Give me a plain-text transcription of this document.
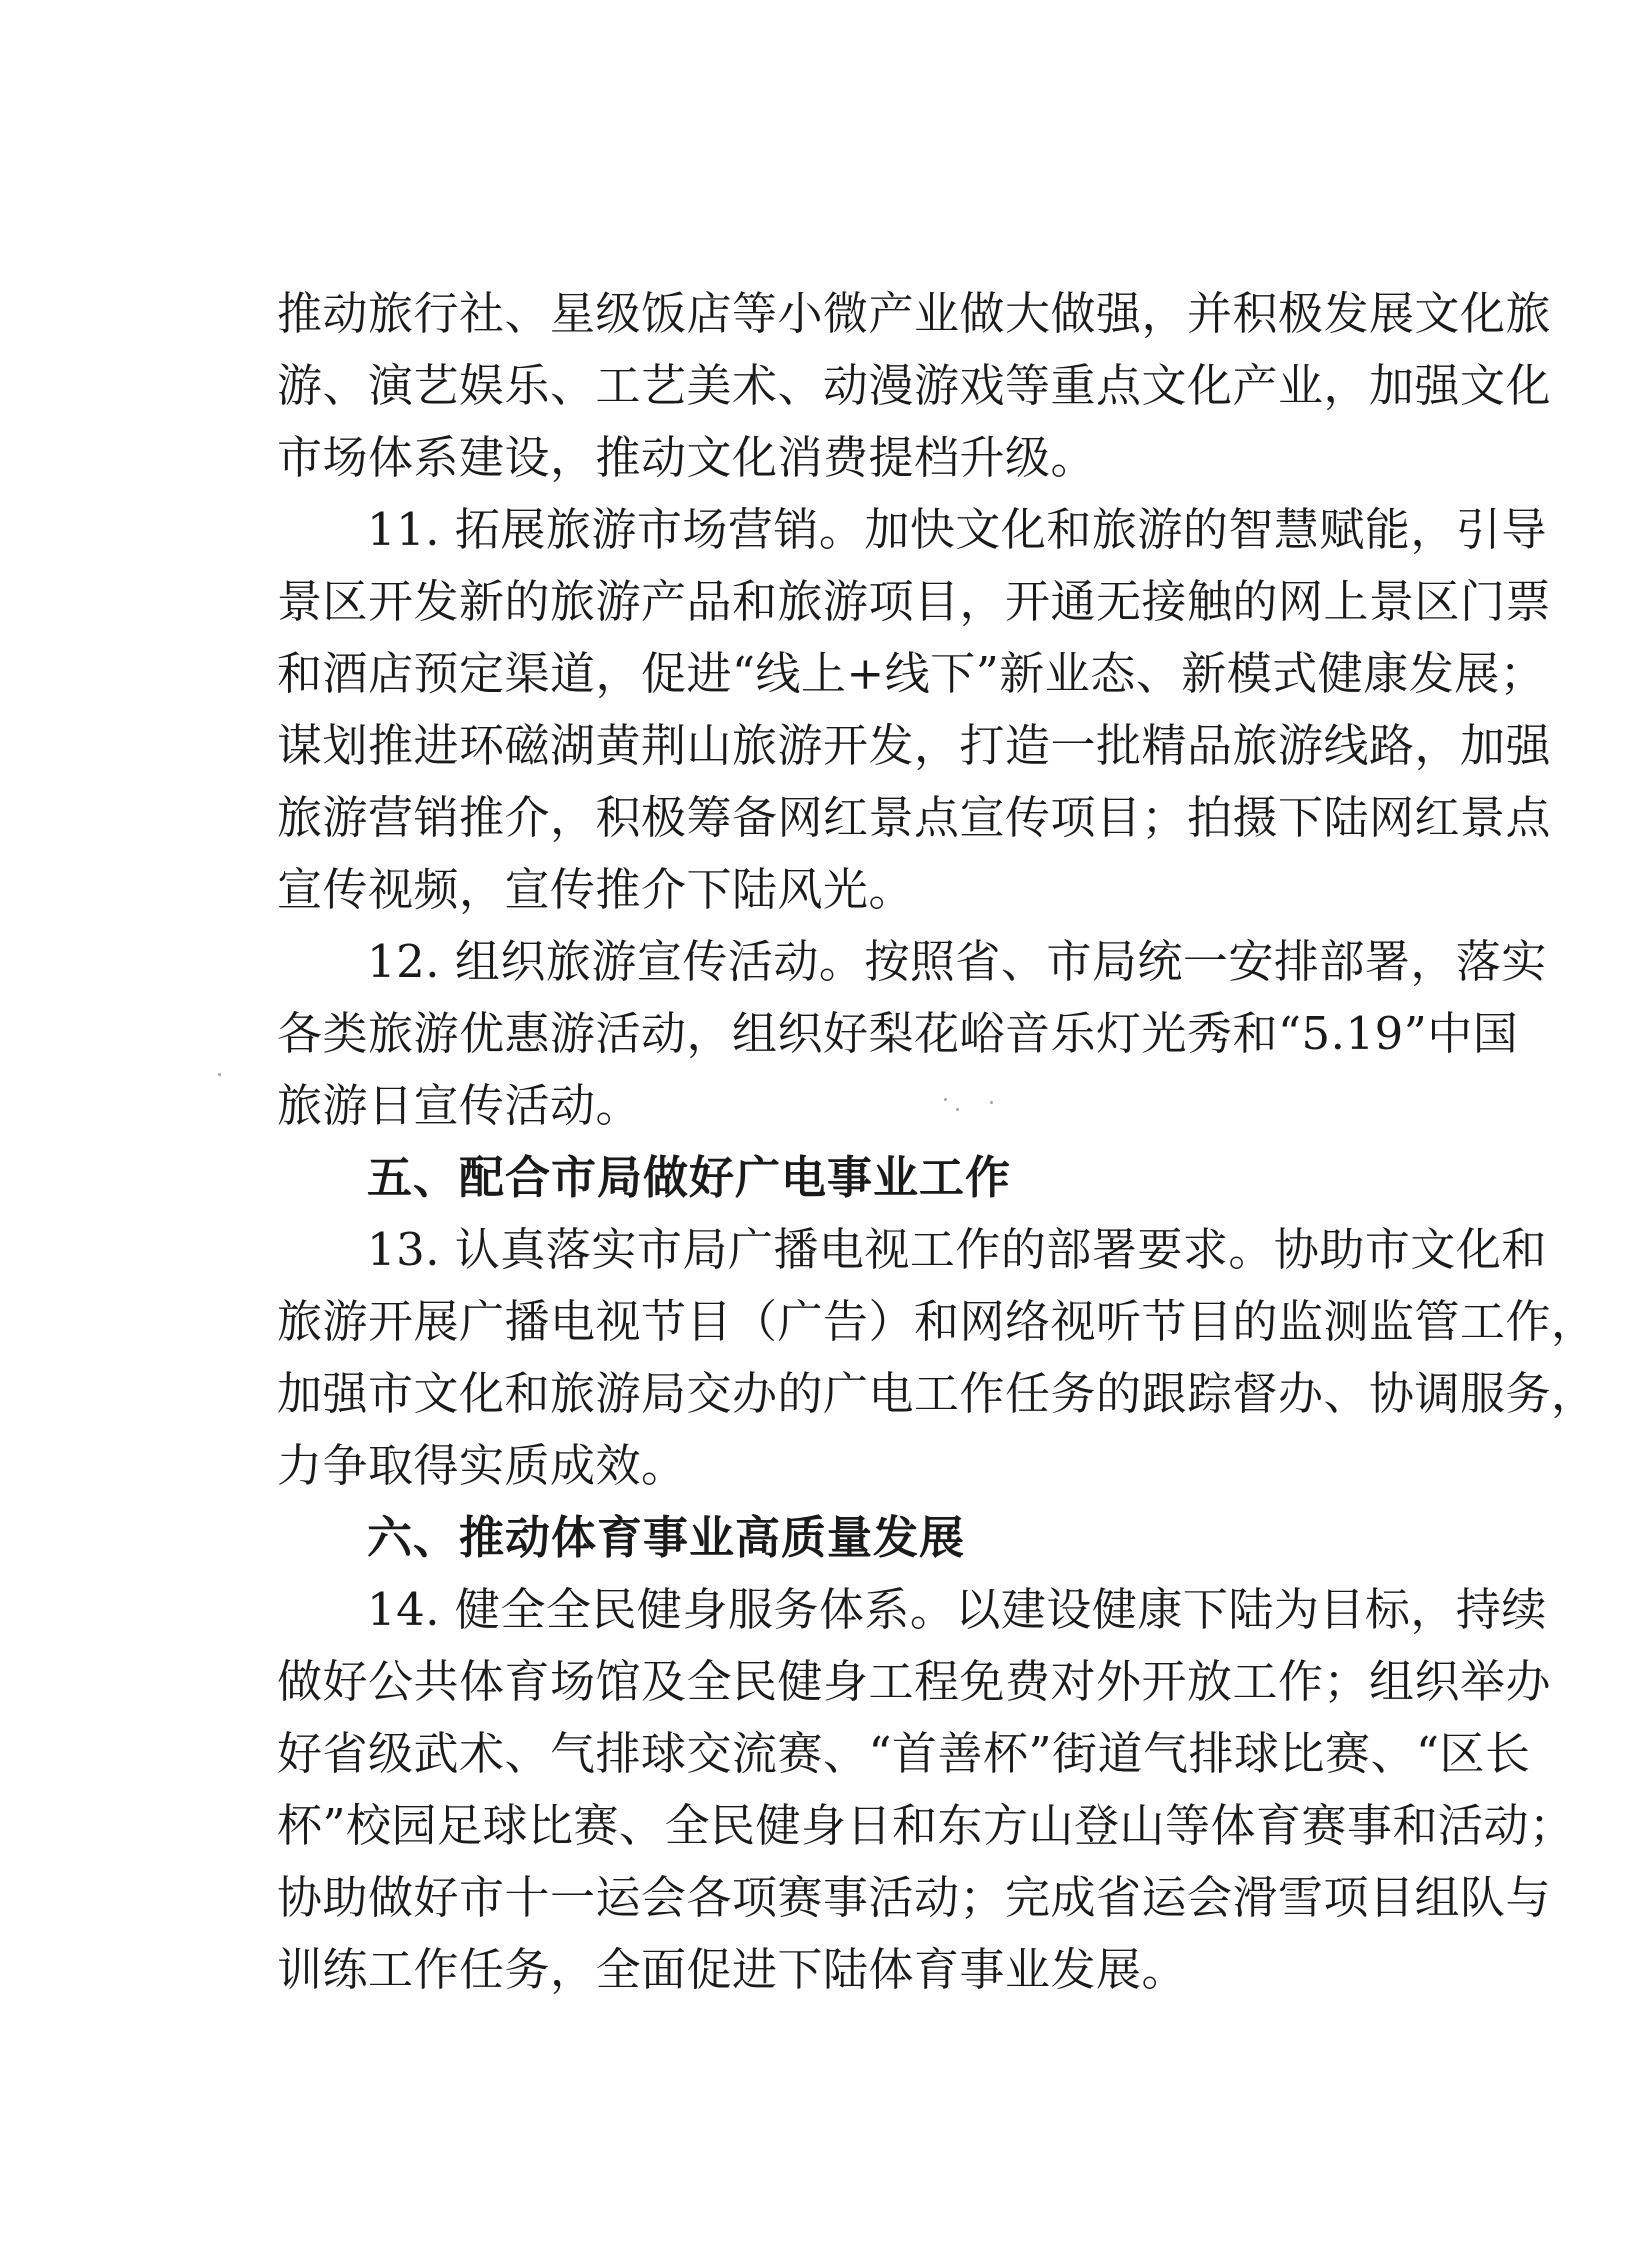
推动旅行社、星级饭店等小微产业做大做强，并积极发展文化旅
游、演艺娱乐、工艺美术、动漫游戏等重点文化产业，加强文化
市场体系建设，推动文化消费提档升级。
11. 拓展旅游市场营销。加快文化和旅游的智慧赋能，引导
景区开发新的旅游产品和旅游项目，开通无接触的网上景区门票
和酒店预定渠道，促进“线上+线下”新业态、新模式健康发展；
谋划推进环磁湖黄荆山旅游开发，打造一批精品旅游线路，加强
旅游营销推介，积极筹备网红景点宣传项目；拍摄下陆网红景点
宣传视频，宣传推介下陆风光。
12. 组织旅游宣传活动。按照省、市局统一安排部署，落实
各类旅游优惠游活动，组织好梨花峪音乐灯光秀和“5.19”中国
旅游日宣传活动。
五、配合市局做好广电事业工作
13. 认真落实市局广播电视工作的部署要求。协助市文化和
旅游开展广播电视节目（广告）和网络视听节目的监测监管工作，
加强市文化和旅游局交办的广电工作任务的跟踪督办、协调服务，
力争取得实质成效。
六、推动体育事业高质量发展
14. 健全全民健身服务体系。以建设健康下陆为目标，持续
做好公共体育场馆及全民健身工程免费对外开放工作；组织举办
好省级武术、气排球交流赛、“首善杯”街道气排球比赛、“区长
杯”校园足球比赛、全民健身日和东方山登山等体育赛事和活动；
协助做好市十一运会各项赛事活动；完成省运会滑雪项目组队与
训练工作任务，全面促进下陆体育事业发展。
